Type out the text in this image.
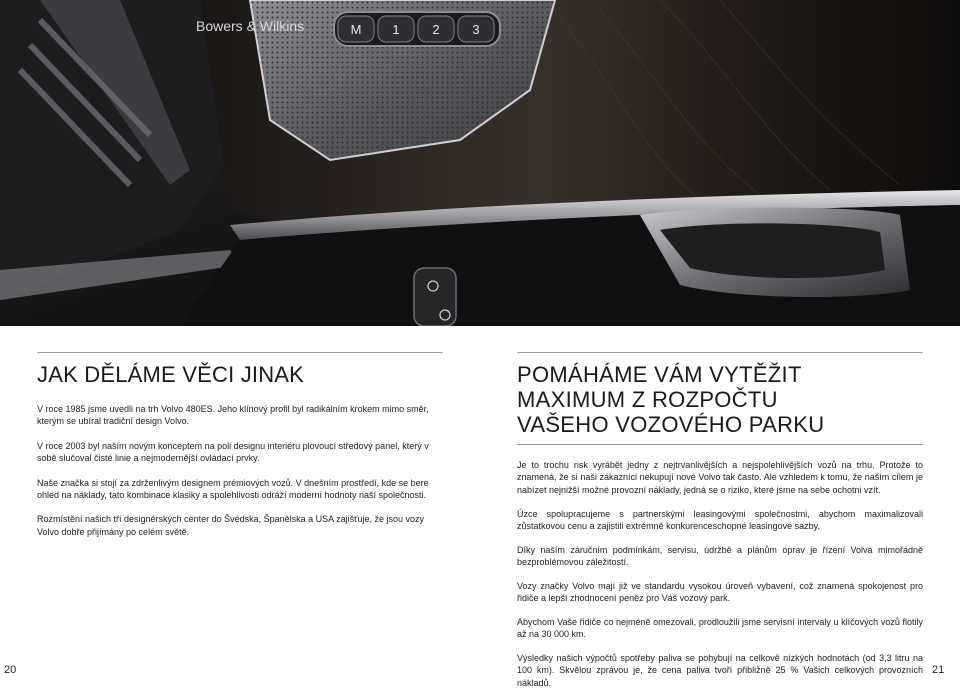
Bowers & Wilkins	M 1	2	3
JAK DĚLÁME VĚCI JINAK

V roce 1985 jsme uvedli na trh Volvo 480ES. Jeho klínový profil byl radikálním krokem mimo směr, kterým se ubíral tradiční design Volvo.

V roce 2003 byl naším novým konceptem na poli designu interiéru plovoucí středový panel, který v sobě slučoval čisté linie a nejmodernější ovládací prvky.

Naše značka si stojí za zdrženlivým designem prémiových vozů. V dnešním prostředí, kde se bere ohled na náklady, tato kombinace klasiky a spolehlivosti odráží moderní hodnoty naší společnosti.

Rozmístění našich tří designérských center do Švédska, Španělska a USA zajišťuje, že jsou vozy Volvo dobře přijímány po celém světě.

POMÁHÁME VÁM VYTĚŽIT
MAXIMUM Z ROZPOČTU
VAŠEHO VOZOVÉHO PARKU

Je to trochu risk vyrábět jedny z nejtrvanlivějších a nejspolehlivějších vozů na trhu. Protože to znamená, že si naši zákazníci nekupují nové Volvo tak často. Ale vzhledem k tomu, že naším cílem je nabízet nejnižší možné provozní náklady, jedná se o riziko, které jsme na sebe ochotni vzít.

Úzce spolupracujeme s partnerskými leasingovými společnostmi, abychom maximalizovali zůstatkovou cenu a zajistili extrémně konkurenceschopné leasingové sazby.

Díky naším záručním podmínkám, servisu, údržbě a plánům oprav je řízení Volva mimořádně bezproblémovou záležitostí.

Vozy značky Volvo mají již ve standardu vysokou úroveň vybavení, což znamená spokojenost pro řidiče a lepší zhodnocení peněz pro Váš vozový park.

Abychom Vaše řidiče co nejméně omezovali, prodloužili jsme servisní intervaly u klíčových vozů flotily až na 30 000 km.

Výsledky našich výpočtů spotřeby paliva se pohybují na celkově nízkých hodnotách (od 3,3 litru na 100 km). Skvělou zprávou je, že cena paliva tvoří přibližně 25 % Vašich celkových provozních nákladů.

20	21
